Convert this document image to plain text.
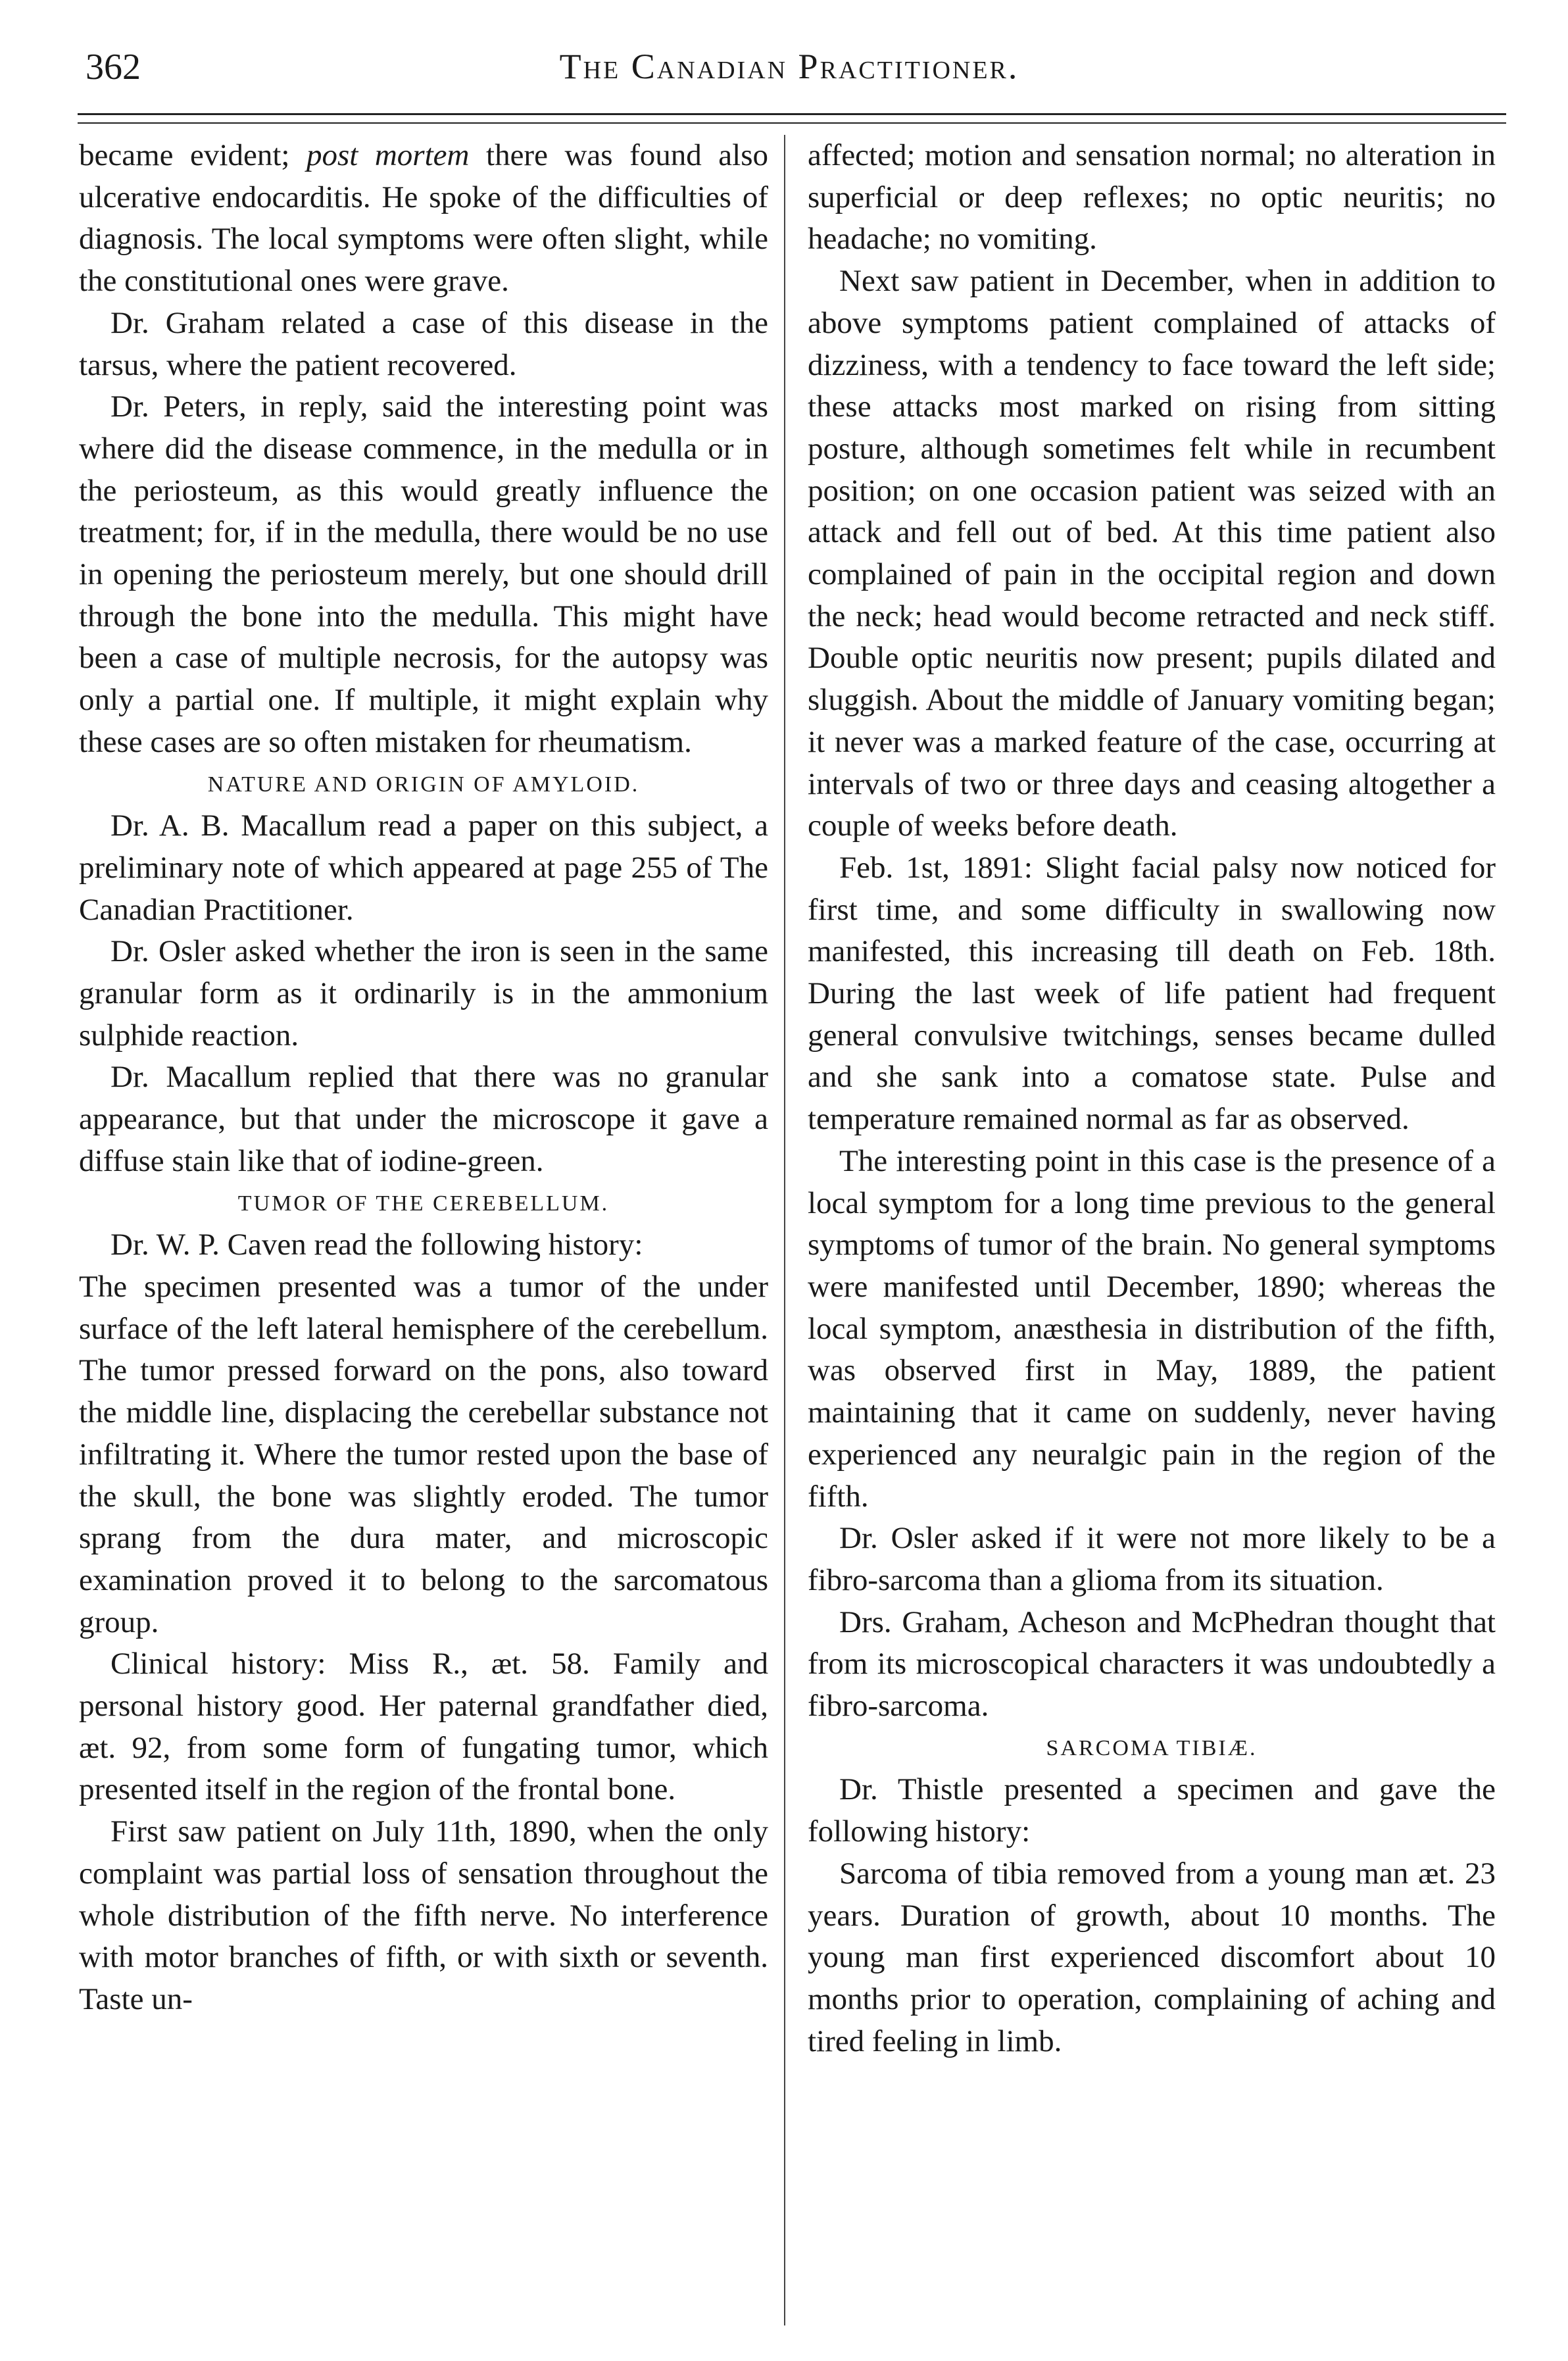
362	The Canadian Practitioner.

became evident; post mortem there was found also ulcerative endocarditis. He spoke of the difficulties of diagnosis. The local symptoms were often slight, while the constitutional ones were grave.

Dr. Graham related a case of this disease in the tarsus, where the patient recovered.

Dr. Peters, in reply, said the interesting point was where did the disease commence, in the medulla or in the periosteum, as this would greatly influence the treatment; for, if in the medulla, there would be no use in opening the periosteum merely, but one should drill through the bone into the medulla. This might have been a case of multiple necrosis, for the autopsy was only a partial one. If multiple, it might explain why these cases are so often mistaken for rheumatism.

NATURE AND ORIGIN OF AMYLOID.

Dr. A. B. Macallum read a paper on this subject, a preliminary note of which appeared at page 255 of The Canadian Practitioner.

Dr. Osler asked whether the iron is seen in the same granular form as it ordinarily is in the ammonium sulphide reaction.

Dr. Macallum replied that there was no granular appearance, but that under the microscope it gave a diffuse stain like that of iodine-green.

TUMOR OF THE CEREBELLUM.

Dr. W. P. Caven read the following history:

The specimen presented was a tumor of the under surface of the left lateral hemisphere of the cerebellum. The tumor pressed forward on the pons, also toward the middle line, displacing the cerebellar substance not infiltrating it. Where the tumor rested upon the base of the skull, the bone was slightly eroded. The tumor sprang from the dura mater, and microscopic examination proved it to belong to the sarcomatous group.

Clinical history: Miss R., æt. 58. Family and personal history good. Her paternal grandfather died, æt. 92, from some form of fungating tumor, which presented itself in the region of the frontal bone.

First saw patient on July 11th, 1890, when the only complaint was partial loss of sensation throughout the whole distribution of the fifth nerve. No interference with motor branches of fifth, or with sixth or seventh. Taste un-

affected; motion and sensation normal; no alteration in superficial or deep reflexes; no optic neuritis; no headache; no vomiting.

Next saw patient in December, when in addition to above symptoms patient complained of attacks of dizziness, with a tendency to face toward the left side; these attacks most marked on rising from sitting posture, although sometimes felt while in recumbent position; on one occasion patient was seized with an attack and fell out of bed. At this time patient also complained of pain in the occipital region and down the neck; head would become retracted and neck stiff. Double optic neuritis now present; pupils dilated and sluggish. About the middle of January vomiting began; it never was a marked feature of the case, occurring at intervals of two or three days and ceasing altogether a couple of weeks before death.

Feb. 1st, 1891: Slight facial palsy now noticed for first time, and some difficulty in swallowing now manifested, this increasing till death on Feb. 18th. During the last week of life patient had frequent general convulsive twitchings, senses became dulled and she sank into a comatose state. Pulse and temperature remained normal as far as observed.

The interesting point in this case is the presence of a local symptom for a long time previous to the general symptoms of tumor of the brain. No general symptoms were manifested until December, 1890; whereas the local symptom, anæsthesia in distribution of the fifth, was observed first in May, 1889, the patient maintaining that it came on suddenly, never having experienced any neuralgic pain in the region of the fifth.

Dr. Osler asked if it were not more likely to be a fibro-sarcoma than a glioma from its situation.

Drs. Graham, Acheson and McPhedran thought that from its microscopical characters it was undoubtedly a fibro-sarcoma.

SARCOMA TIBIÆ.

Dr. Thistle presented a specimen and gave the following history:

Sarcoma of tibia removed from a young man æt. 23 years. Duration of growth, about 10 months. The young man first experienced discomfort about 10 months prior to operation, complaining of aching and tired feeling in limb.
